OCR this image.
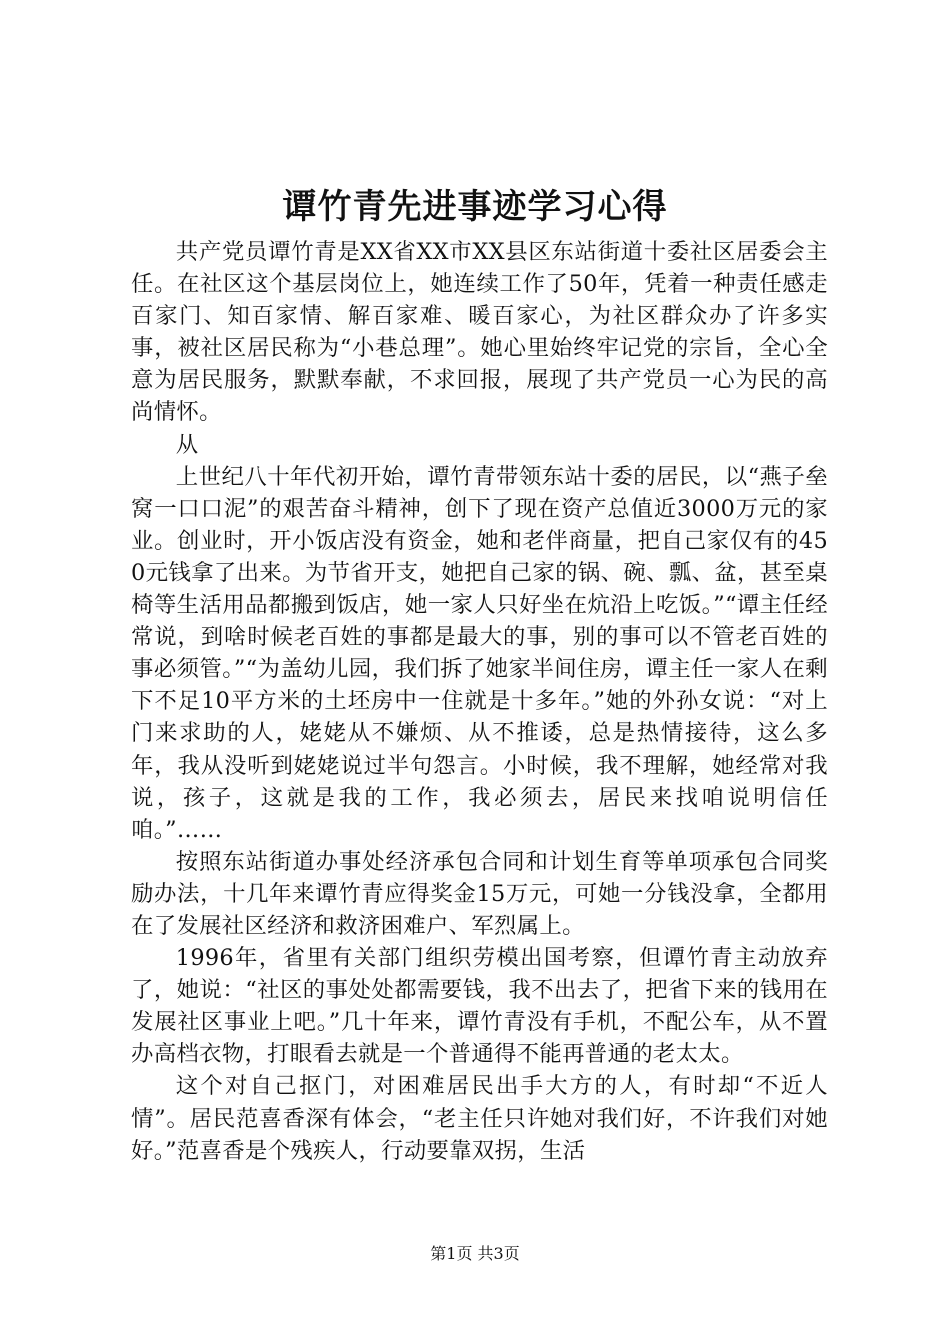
谭竹青先进事迹学习心得

共产党员谭竹青是XX省XX市XX县区东站街道十委社区居委会主任。在社区这个基层岗位上，她连续工作了50年，凭着一种责任感走百家门、知百家情、解百家难、暖百家心，为社区群众办了许多实事，被社区居民称为“小巷总理”。她心里始终牢记党的宗旨，全心全意为居民服务，默默奉献，不求回报，展现了共产党员一心为民的高尚情怀。

从

上世纪八十年代初开始，谭竹青带领东站十委的居民，以“燕子垒窝一口口泥”的艰苦奋斗精神，创下了现在资产总值近3000万元的家业。创业时，开小饭店没有资金，她和老伴商量，把自己家仅有的450元钱拿了出来。为节省开支，她把自己家的锅、碗、瓢、盆，甚至桌椅等生活用品都搬到饭店，她一家人只好坐在炕沿上吃饭。”“谭主任经常说，到啥时候老百姓的事都是最大的事，别的事可以不管老百姓的事必须管。”“为盖幼儿园，我们拆了她家半间住房，谭主任一家人在剩下不足10平方米的土坯房中一住就是十多年。”她的外孙女说：“对上门来求助的人，姥姥从不嫌烦、从不推诿，总是热情接待，这么多年，我从没听到姥姥说过半句怨言。小时候，我不理解，她经常对我说，孩子，这就是我的工作，我必须去，居民来找咱说明信任咱。”……

按照东站街道办事处经济承包合同和计划生育等单项承包合同奖励办法，十几年来谭竹青应得奖金15万元，可她一分钱没拿，全都用在了发展社区经济和救济困难户、军烈属上。

1996年，省里有关部门组织劳模出国考察，但谭竹青主动放弃了，她说：“社区的事处处都需要钱，我不出去了，把省下来的钱用在发展社区事业上吧。”几十年来，谭竹青没有手机，不配公车，从不置办高档衣物，打眼看去就是一个普通得不能再普通的老太太。

这个对自己抠门，对困难居民出手大方的人，有时却“不近人情”。居民范喜香深有体会，“老主任只许她对我们好，不许我们对她好。”范喜香是个残疾人，行动要靠双拐，生活

第1页 共3页
